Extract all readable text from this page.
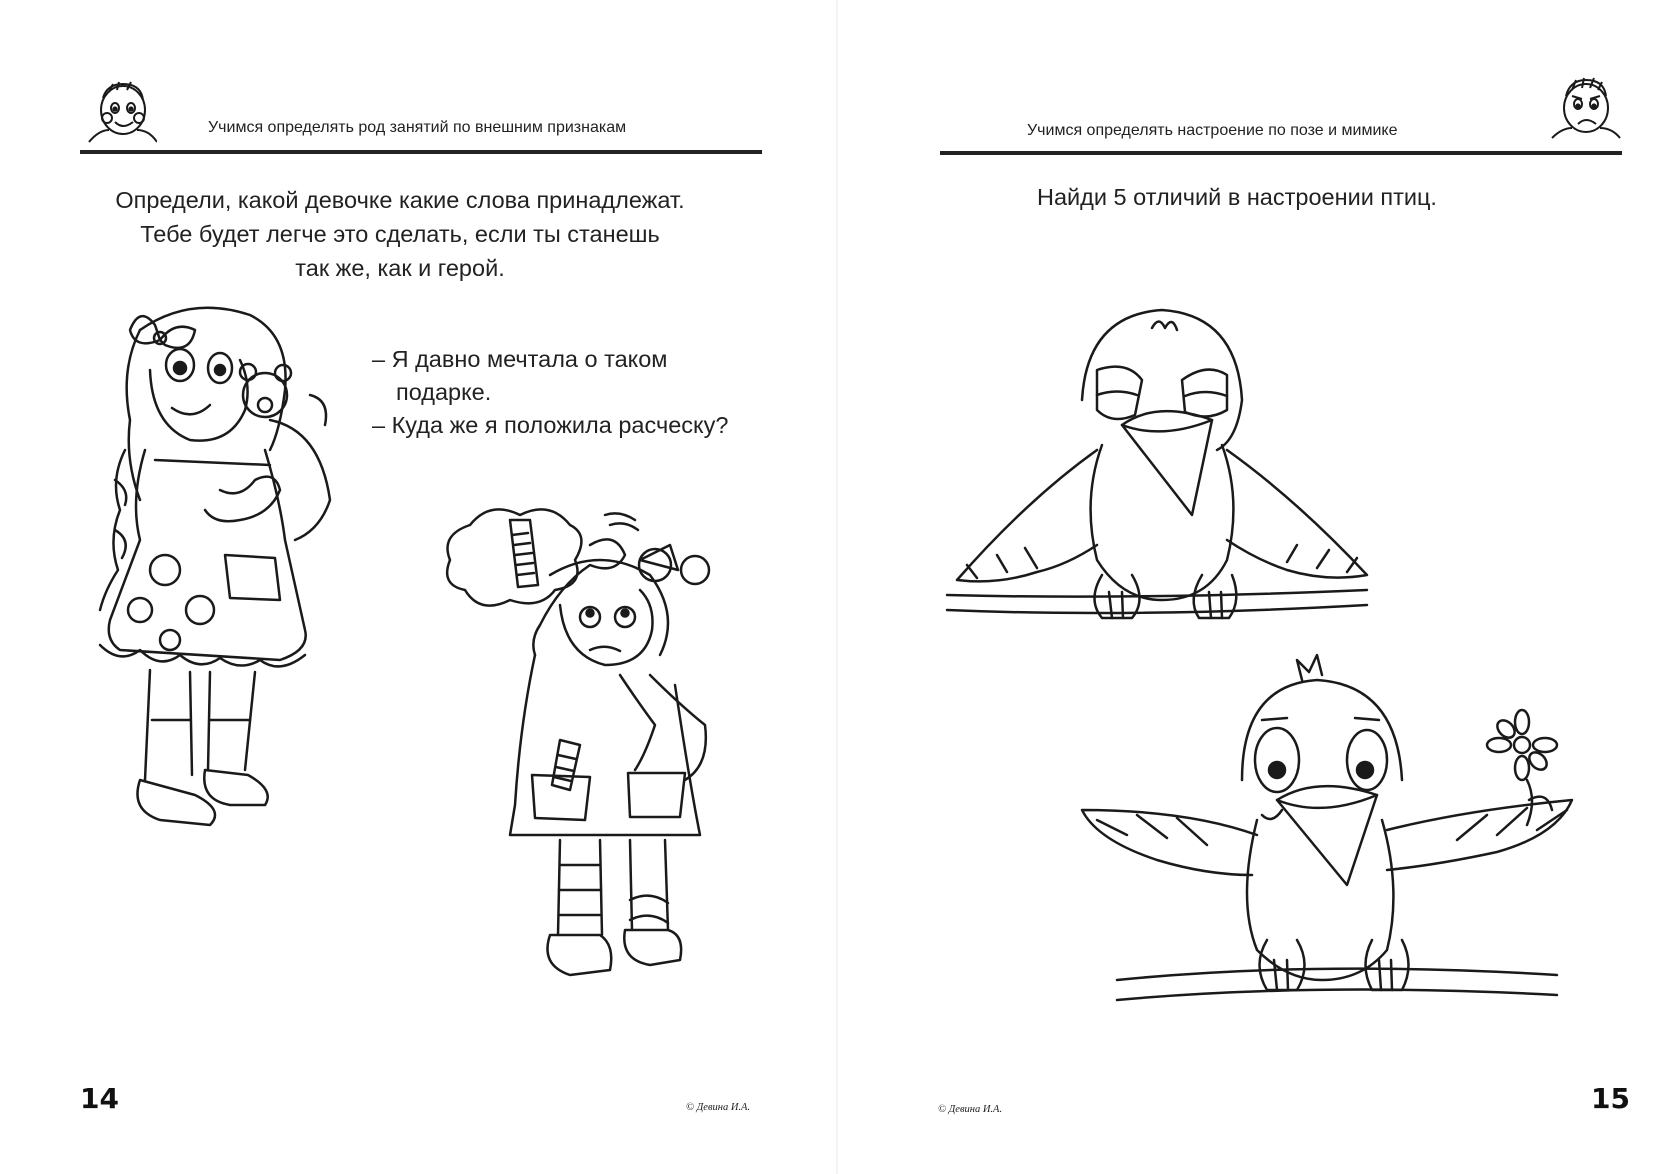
Учимся определять род занятий по внешним признакам
Определи, какой девочке какие слова принадлежат.
Тебе будет легче это сделать, если ты станешь
так же, как и герой.
– Я давно мечтала о таком подарке.
– Куда же я положила расческу?
14	© Девина И.А.
Учимся определять настроение по позе и мимике
Найди 5 отличий в настроении птиц.
© Девина И.А.	15
